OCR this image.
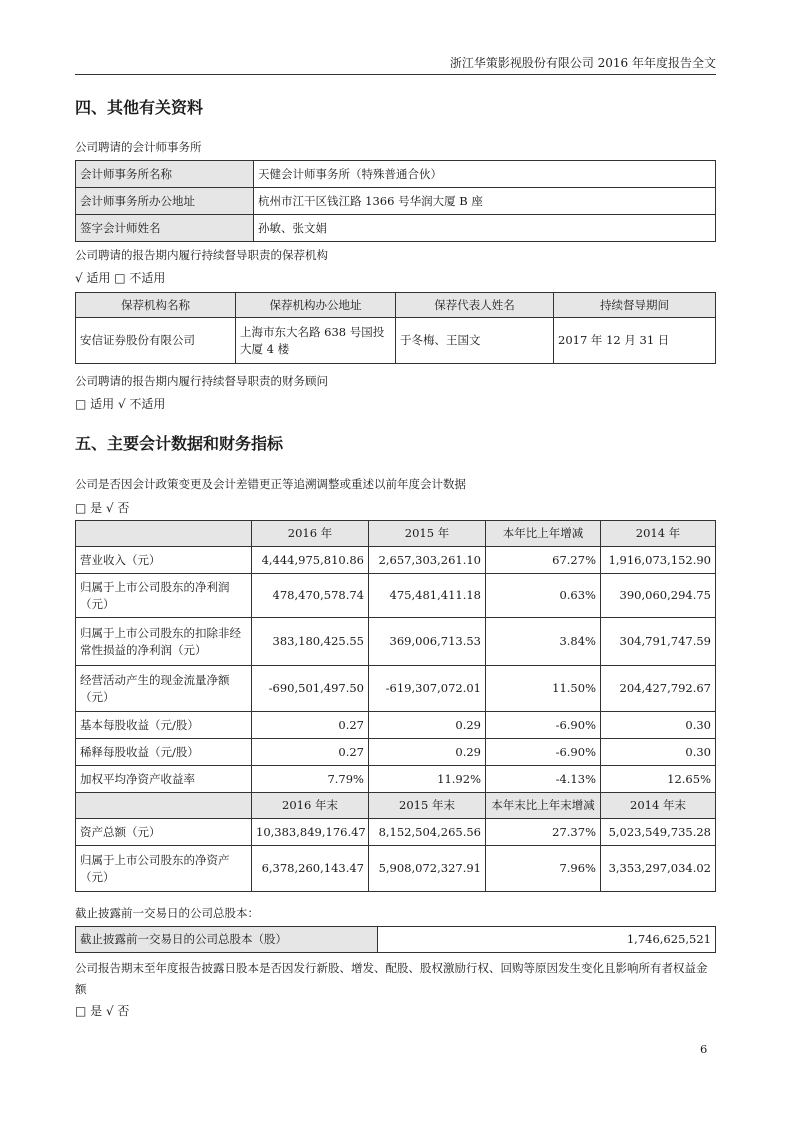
浙江华策影视股份有限公司 2016 年年度报告全文
四、其他有关资料
公司聘请的会计师事务所
会计师事务所名称	天健会计师事务所（特殊普通合伙）
会计师事务所办公地址	杭州市江干区钱江路 1366 号华润大厦 B 座
签字会计师姓名	孙敏、张文娟
公司聘请的报告期内履行持续督导职责的保荐机构
√ 适用 □ 不适用
保荐机构名称	保荐机构办公地址	保荐代表人姓名	持续督导期间
安信证券股份有限公司	上海市东大名路 638 号国投大厦 4 楼	于冬梅、王国文	2017 年 12 月 31 日
公司聘请的报告期内履行持续督导职责的财务顾问
□ 适用 √ 不适用
五、主要会计数据和财务指标
公司是否因会计政策变更及会计差错更正等追溯调整或重述以前年度会计数据
□ 是 √ 否
	2016 年	2015 年	本年比上年增减	2014 年
营业收入（元）	4,444,975,810.86	2,657,303,261.10	67.27%	1,916,073,152.90
归属于上市公司股东的净利润（元）	478,470,578.74	475,481,411.18	0.63%	390,060,294.75
归属于上市公司股东的扣除非经常性损益的净利润（元）	383,180,425.55	369,006,713.53	3.84%	304,791,747.59
经营活动产生的现金流量净额（元）	-690,501,497.50	-619,307,072.01	11.50%	204,427,792.67
基本每股收益（元/股）	0.27	0.29	-6.90%	0.30
稀释每股收益（元/股）	0.27	0.29	-6.90%	0.30
加权平均净资产收益率	7.79%	11.92%	-4.13%	12.65%
	2016 年末	2015 年末	本年末比上年末增减	2014 年末
资产总额（元）	10,383,849,176.47	8,152,504,265.56	27.37%	5,023,549,735.28
归属于上市公司股东的净资产（元）	6,378,260,143.47	5,908,072,327.91	7.96%	3,353,297,034.02
截止披露前一交易日的公司总股本：
截止披露前一交易日的公司总股本（股）	1,746,625,521
公司报告期末至年度报告披露日股本是否因发行新股、增发、配股、股权激励行权、回购等原因发生变化且影响所有者权益金额
□ 是 √ 否
6
